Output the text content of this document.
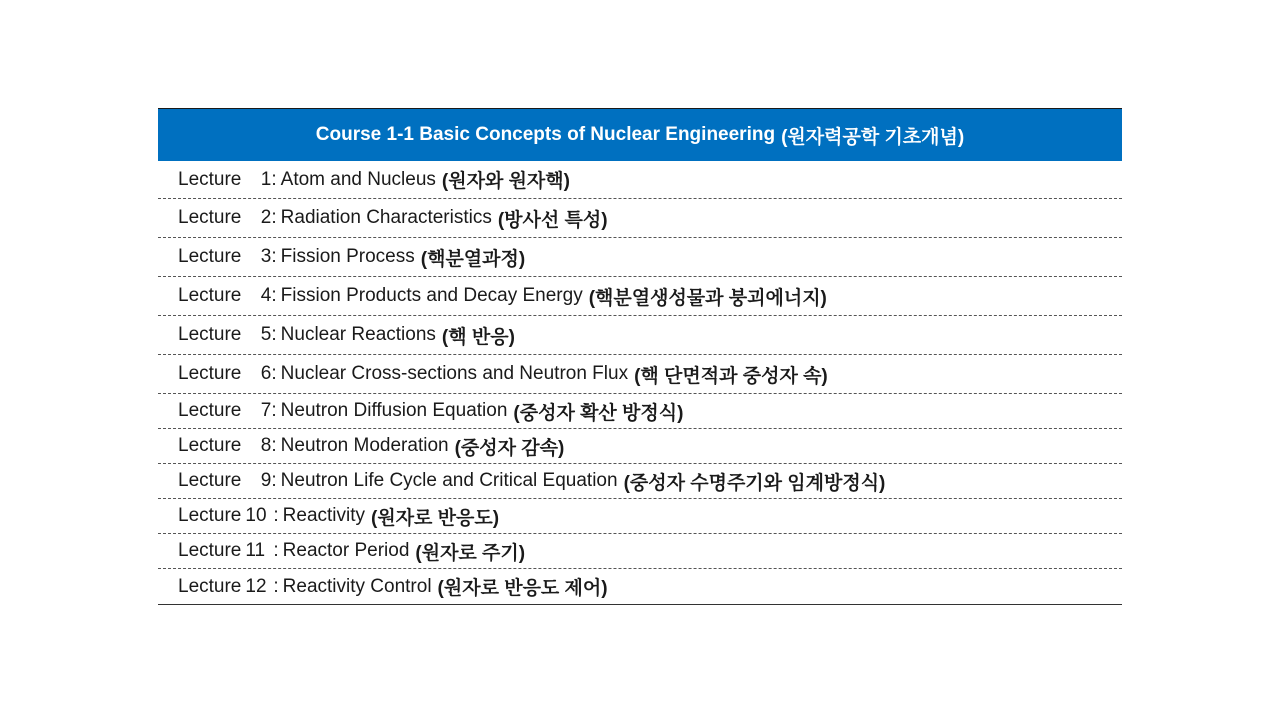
Course 1-1 Basic Concepts of Nuclear Engineering (원자력공학 기초개념)
Lecture	1 : Atom and Nucleus (원자와 원자핵)
Lecture	2 : Radiation Characteristics (방사선 특성)
Lecture	3 : Fission Process (핵분열과정)
Lecture	4 : Fission Products and Decay Energy (핵분열생성물과 붕괴에너지)
Lecture	5 : Nuclear Reactions (핵 반응)
Lecture	6 : Nuclear Cross-sections and Neutron Flux (핵 단면적과 중성자 속)
Lecture	7 : Neutron Diffusion Equation (중성자 확산 방정식)
Lecture	8 : Neutron Moderation (중성자 감속)
Lecture	9 : Neutron Life Cycle and Critical Equation (중성자 수명주기와 임계방정식)
Lecture 10 : Reactivity (원자로 반응도)
Lecture 11 : Reactor Period (원자로 주기)
Lecture 12 : Reactivity Control (원자로 반응도 제어)
